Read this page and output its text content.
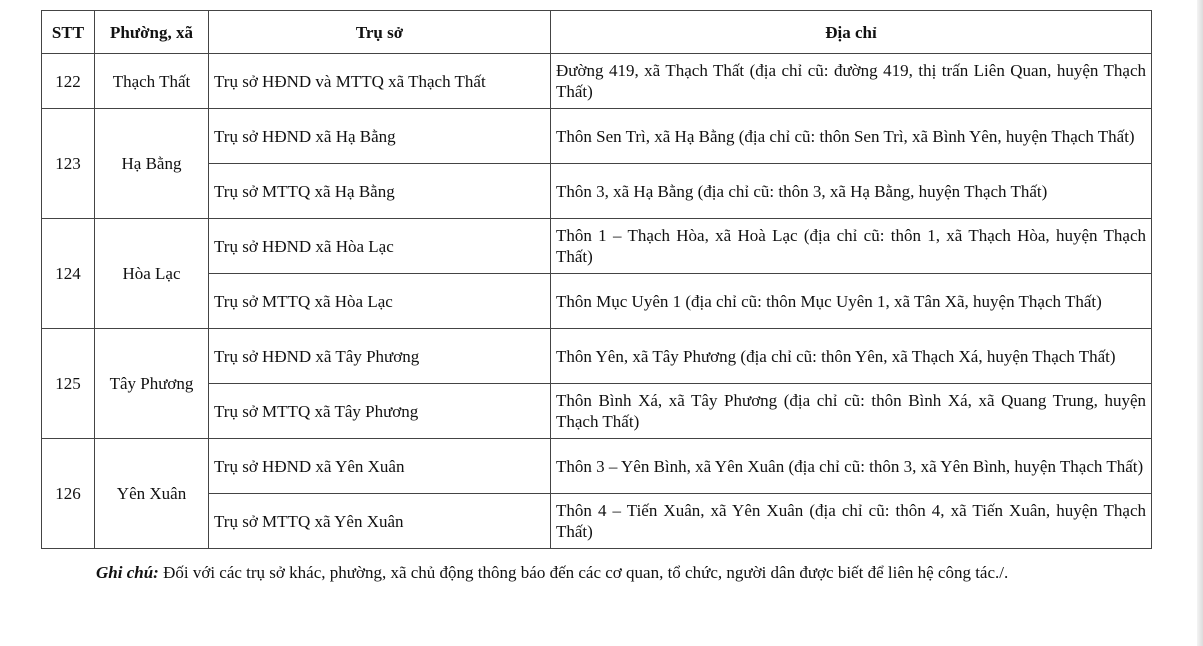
STT	Phường, xã	Trụ sở	Địa chỉ
122	Thạch Thất	Trụ sở HĐND và MTTQ xã Thạch Thất	Đường 419, xã Thạch Thất (địa chỉ cũ: đường 419, thị trấn Liên Quan, huyện Thạch Thất)
123	Hạ Bằng	Trụ sở HĐND xã Hạ Bằng	Thôn Sen Trì, xã Hạ Bằng (địa chỉ cũ: thôn Sen Trì, xã Bình Yên, huyện Thạch Thất)
		Trụ sở MTTQ xã Hạ Bằng	Thôn 3, xã Hạ Bằng (địa chỉ cũ: thôn 3, xã Hạ Bằng, huyện Thạch Thất)
124	Hòa Lạc	Trụ sở HĐND xã Hòa Lạc	Thôn 1 – Thạch Hòa, xã Hoà Lạc (địa chỉ cũ: thôn 1, xã Thạch Hòa, huyện Thạch Thất)
		Trụ sở MTTQ xã Hòa Lạc	Thôn Mục Uyên 1 (địa chỉ cũ: thôn Mục Uyên 1, xã Tân Xã, huyện Thạch Thất)
125	Tây Phương	Trụ sở HĐND xã Tây Phương	Thôn Yên, xã Tây Phương (địa chỉ cũ: thôn Yên, xã Thạch Xá, huyện Thạch Thất)
		Trụ sở MTTQ xã Tây Phương	Thôn Bình Xá, xã Tây Phương (địa chỉ cũ: thôn Bình Xá, xã Quang Trung, huyện Thạch Thất)
126	Yên Xuân	Trụ sở HĐND xã Yên Xuân	Thôn 3 – Yên Bình, xã Yên Xuân (địa chỉ cũ: thôn 3, xã Yên Bình, huyện Thạch Thất)
		Trụ sở MTTQ xã Yên Xuân	Thôn 4 – Tiến Xuân, xã Yên Xuân (địa chỉ cũ: thôn 4, xã Tiến Xuân, huyện Thạch Thất)
Ghi chú: Đối với các trụ sở khác, phường, xã chủ động thông báo đến các cơ quan, tổ chức, người dân được biết để liên hệ công tác./.
